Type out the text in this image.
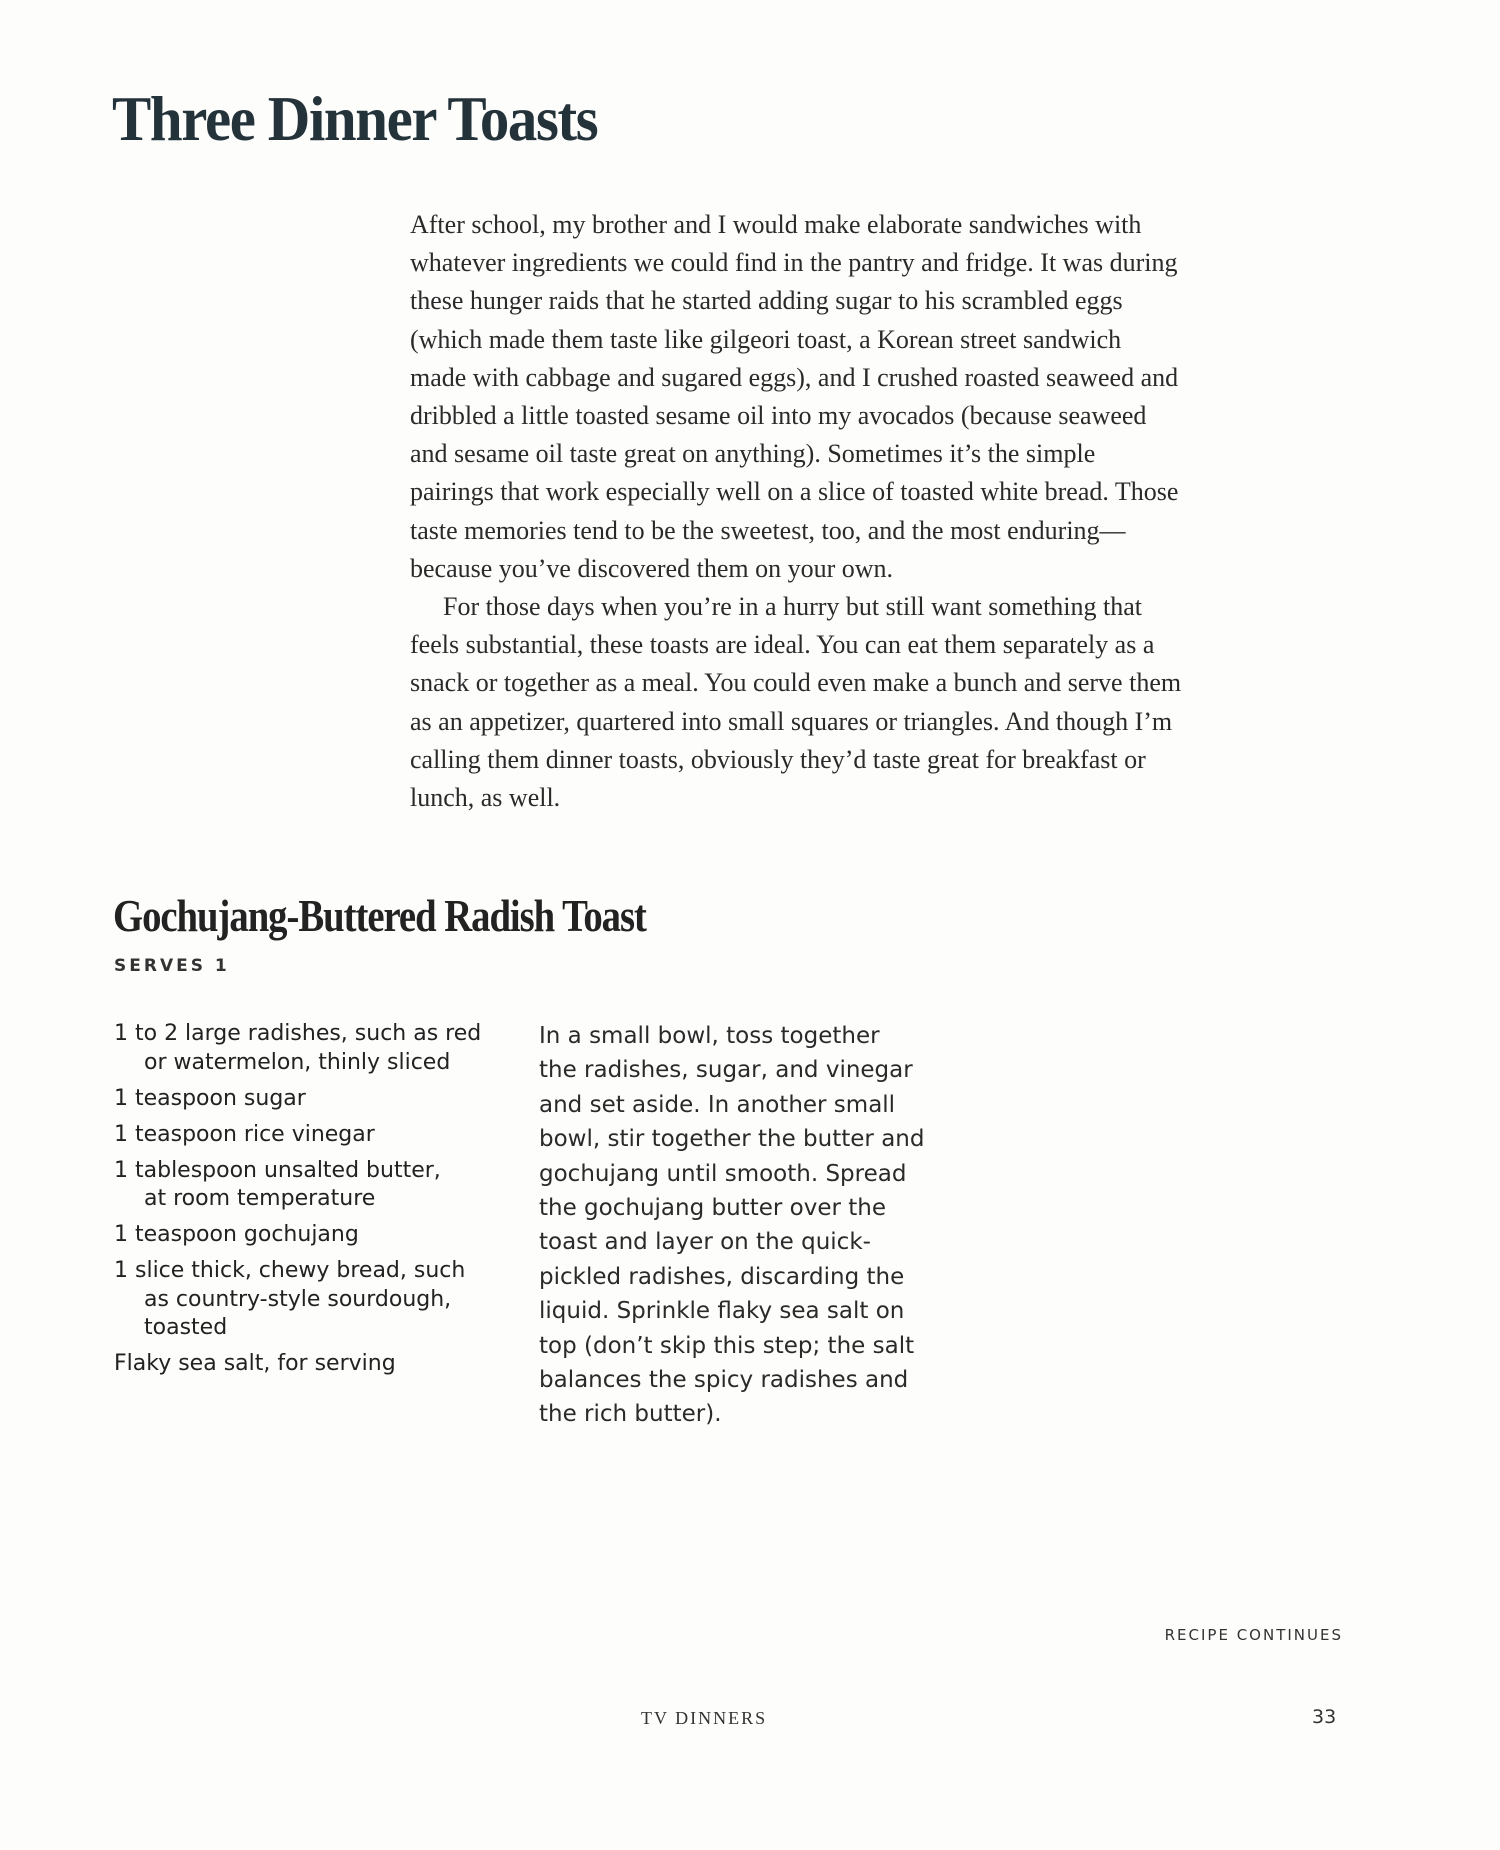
Three Dinner Toasts
After school, my brother and I would make elaborate sandwiches with
whatever ingredients we could find in the pantry and fridge. It was during
these hunger raids that he started adding sugar to his scrambled eggs
(which made them taste like gilgeori toast, a Korean street sandwich
made with cabbage and sugared eggs), and I crushed roasted seaweed and
dribbled a little toasted sesame oil into my avocados (because seaweed
and sesame oil taste great on anything). Sometimes it’s the simple
pairings that work especially well on a slice of toasted white bread. Those
taste memories tend to be the sweetest, too, and the most enduring—
because you’ve discovered them on your own.
For those days when you’re in a hurry but still want something that
feels substantial, these toasts are ideal. You can eat them separately as a
snack or together as a meal. You could even make a bunch and serve them
as an appetizer, quartered into small squares or triangles. And though I’m
calling them dinner toasts, obviously they’d taste great for breakfast or
lunch, as well.
Gochujang-Buttered Radish Toast
SERVES 1
1 to 2 large radishes, such as red
or watermelon, thinly sliced
1 teaspoon sugar
1 teaspoon rice vinegar
1 tablespoon unsalted butter,
at room temperature
1 teaspoon gochujang
1 slice thick, chewy bread, such
as country-style sourdough,
toasted
Flaky sea salt, for serving
In a small bowl, toss together
the radishes, sugar, and vinegar
and set aside. In another small
bowl, stir together the butter and
gochujang until smooth. Spread
the gochujang butter over the
toast and layer on the quick-
pickled radishes, discarding the
liquid. Sprinkle flaky sea salt on
top (don’t skip this step; the salt
balances the spicy radishes and
the rich butter).
RECIPE CONTINUES
TV DINNERS	33
